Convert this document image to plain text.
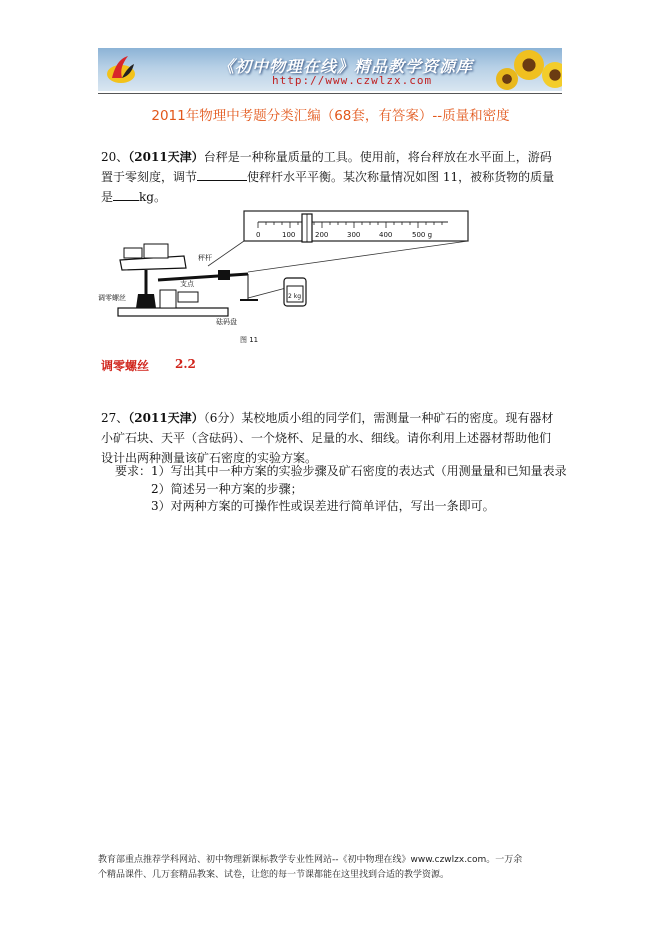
《初中物理在线》精品教学资源库
http://www.czwlzx.com
2011年物理中考题分类汇编（68套，有答案）--质量和密度
20、（2011天津）台秤是一种称量质量的工具。使用前，将台秤放在水平面上，游码置于零刻度，调节	使秤杆水平平衡。某次称量情况如图 11，被称货物的质量是 kg。
0	100	200	300	400	500 g
2 kg
秤杆
调零螺丝
支点
砝码盘
图 11
调零螺丝 2.2
27、（2011天津）（6分）某校地质小组的同学们，需测量一种矿石的密度。现有器材 小矿石块、天平（含砝码）、一个烧杯、足量的水、细线。请你利用上述器材帮助他们设计出两种测量该矿石密度的实验方案。
要求：1）写出其中一种方案的实验步骤及矿石密度的表达式（用测量量和已知量表录
2）简述另一种方案的步骤；
3）对两种方案的可操作性或误差进行简单评估，写出一条即可。
教育部重点推荐学科网站、初中物理新课标教学专业性网站--《初中物理在线》www.czwlzx.com。一万余
个精品课件、几万套精品教案、试卷，让您的每一节课都能在这里找到合适的教学资源。
